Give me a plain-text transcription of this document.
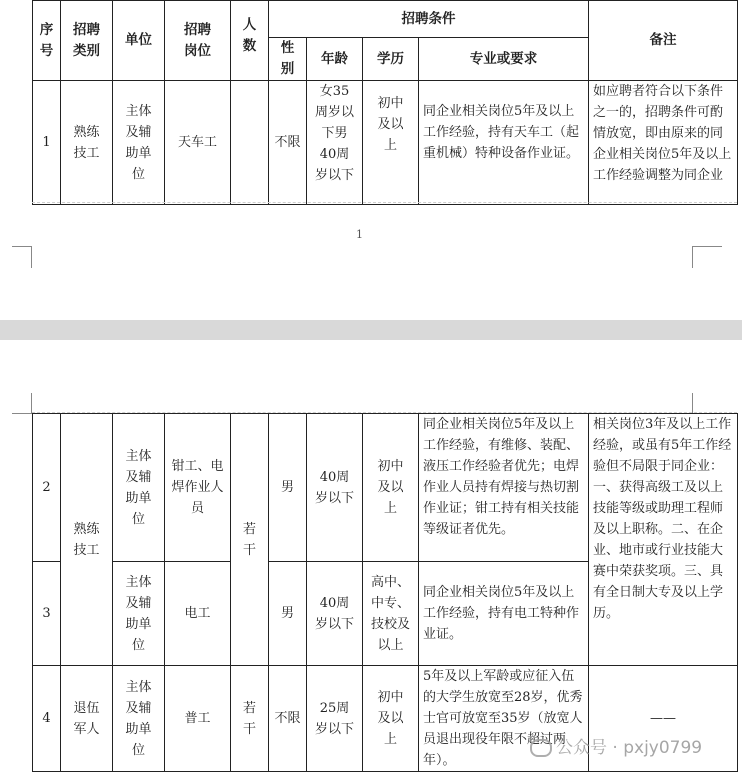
序号	招聘类别	单位	招聘岗位	人数	招聘条件				备注

					性别	年龄	学历	专业或要求	
1	熟练技工	主体及辅助单位	天车工		不限	女35周岁以下男40周岁以下	初中及以上	同企业相关岗位5年及以上工作经验，持有天车工（起重机械）特种设备作业证。	如应聘者符合以下条件之一的，招聘条件可酌情放宽，即由原来的同企业相关岗位5年及以上工作经验调整为同企业
1
2	熟练技工	主体及辅助单位	钳工、电焊作业人员	若干	男	40周岁以下	初中及以上	同企业相关岗位5年及以上工作经验，有维修、装配、液压工作经验者优先；电焊作业人员持有焊接与热切割作业证；钳工持有相关技能等级证者优先。	相关岗位3年及以上工作经验，或虽有5年工作经验但不局限于同企业：一、获得高级工及以上技能等级或助理工程师及以上职称。二、在企业、地市或行业技能大赛中荣获奖项。三、具有全日制大专及以上学历。
3		主体及辅助单位	电工		男	40周岁以下	高中、中专、技校及以上	同企业相关岗位5年及以上工作经验，持有电工特种作业证。	
4	退伍军人	主体及辅助单位	普工	若干	不限	25周岁以下	初中及以上	5年及以上军龄或应征入伍的大学生放宽至28岁，优秀士官可放宽至35岁（放宽人员退出现役年限不超过两年）。	——
公众号 · pxjy0799
